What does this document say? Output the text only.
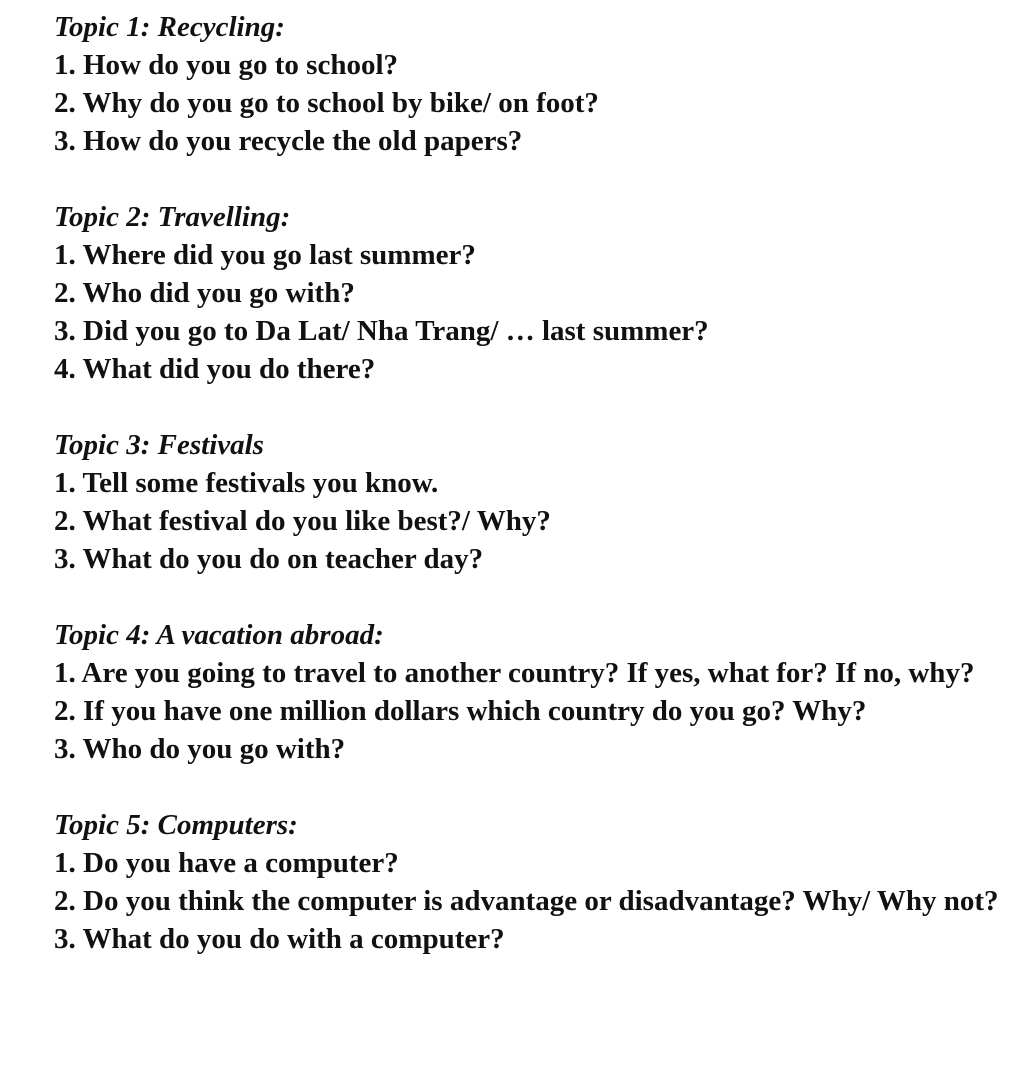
Topic 1: Recycling:

1. How do you go to school?

2. Why do you go to school by bike/ on foot?

3. How do you recycle the old papers?

Topic 2: Travelling:

1. Where did you go last summer?

2. Who did you go with?

3. Did you go to Da Lat/ Nha Trang/ … last summer?

4. What did you do there?

Topic 3: Festivals

1. Tell some festivals you know.

2. What festival do you like best?/ Why?

3. What do you do on teacher day?

Topic 4: A vacation abroad:

1. Are you going to travel to another country? If yes, what for? If no, why?

2. If you have one million dollars which country do you go? Why?

3. Who do you go with?

Topic 5: Computers:

1. Do you have a computer?

2. Do you think the computer is advantage or disadvantage? Why/ Why not?

3. What do you do with a computer?
